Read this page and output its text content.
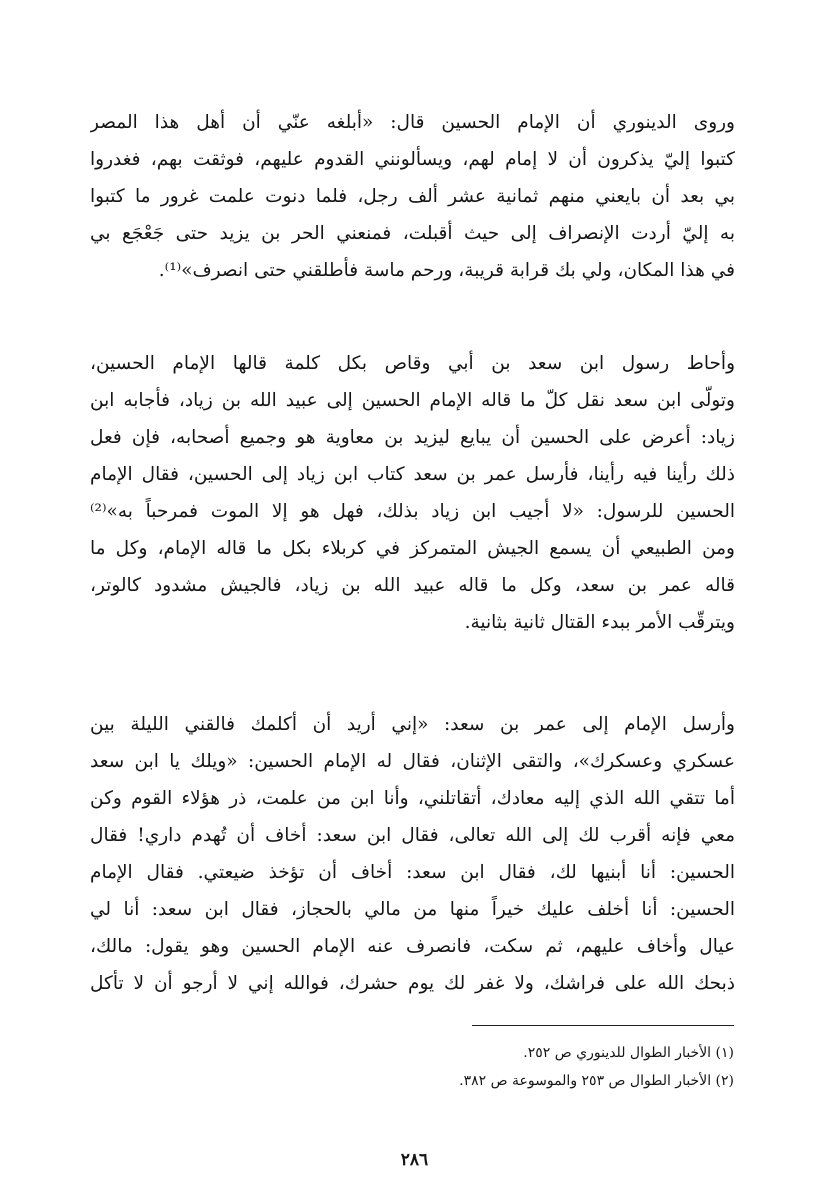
وروى الدينوري أن الإمام الحسين قال: «أبلغه عنّي أن أهل هذا المصر
كتبوا إليّ يذكرون أن لا إمام لهم، ويسألونني القدوم عليهم، فوثقت بهم، فغدروا
بي بعد أن بايعني منهم ثمانية عشر ألف رجل، فلما دنوت علمت غرور ما كتبوا
به إليّ أردت الإنصراف إلى حيث أقبلت، فمنعني الحر بن يزيد حتى جَعْجَع بي
في هذا المكان، ولي بك قرابة قريبة، ورحم ماسة فأطلقني حتى انصرف»⁽¹⁾.
وأحاط رسول ابن سعد بن أبي وقاص بكل كلمة قالها الإمام الحسين،
وتولّى ابن سعد نقل كلّ ما قاله الإمام الحسين إلى عبيد الله بن زياد، فأجابه ابن
زياد: أعرض على الحسين أن يبايع ليزيد بن معاوية هو وجميع أصحابه، فإن فعل
ذلك رأينا فيه رأينا، فأرسل عمر بن سعد كتاب ابن زياد إلى الحسين، فقال الإمام
الحسين للرسول: «لا أجيب ابن زياد بذلك، فهل هو إلا الموت فمرحباً به»⁽²⁾
ومن الطبيعي أن يسمع الجيش المتمركز في كربلاء بكل ما قاله الإمام، وكل ما
قاله عمر بن سعد، وكل ما قاله عبيد الله بن زياد، فالجيش مشدود كالوتر،
ويترقّب الأمر ببدء القتال ثانية بثانية.
وأرسل الإمام إلى عمر بن سعد: «إني أريد أن أكلمك فالقني الليلة بين
عسكري وعسكرك»، والتقى الإثنان، فقال له الإمام الحسين: «ويلك يا ابن سعد
أما تتقي الله الذي إليه معادك، أتقاتلني، وأنا ابن من علمت، ذر هؤلاء القوم وكن
معي فإنه أقرب لك إلى الله تعالى، فقال ابن سعد: أخاف أن تُهدم داري! فقال
الحسين: أنا أبنيها لك، فقال ابن سعد: أخاف أن تؤخذ ضيعتي. فقال الإمام
الحسين: أنا أخلف عليك خيراً منها من مالي بالحجاز، فقال ابن سعد: أنا لي
عيال وأخاف عليهم، ثم سكت، فانصرف عنه الإمام الحسين وهو يقول: مالك،
ذبحك الله على فراشك، ولا غفر لك يوم حشرك، فوالله إني لا أرجو أن لا تأكل
(١) الأخبار الطوال للدينوري ص ٢٥٢.
(٢) الأخبار الطوال ص ٢٥٣ والموسوعة ص ٣٨٢.
٢٨٦
